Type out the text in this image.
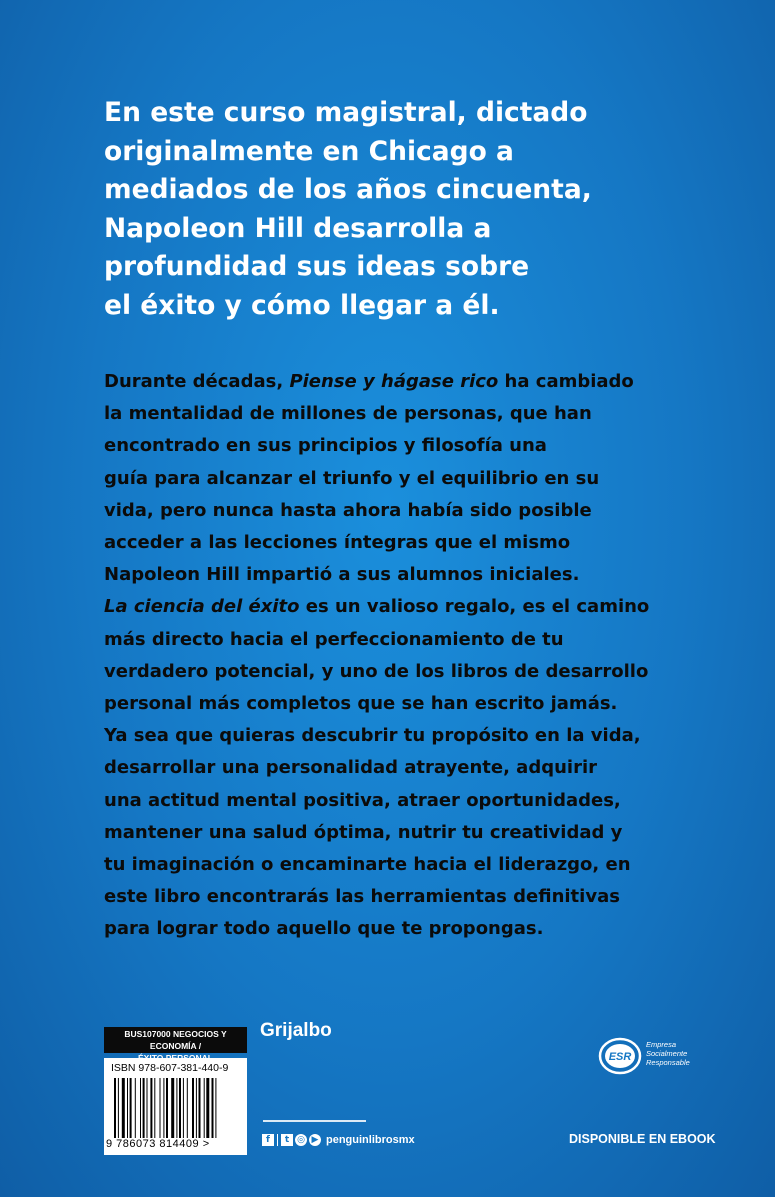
En este curso magistral, dictado
originalmente en Chicago a
mediados de los años cincuenta,
Napoleon Hill desarrolla a
profundidad sus ideas sobre
el éxito y cómo llegar a él.
Durante décadas, Piense y hágase rico ha cambiado
la mentalidad de millones de personas, que han
encontrado en sus principios y filosofía una
guía para alcanzar el triunfo y el equilibrio en su
vida, pero nunca hasta ahora había sido posible
acceder a las lecciones íntegras que el mismo
Napoleon Hill impartió a sus alumnos iniciales.
La ciencia del éxito es un valioso regalo, es el camino
más directo hacia el perfeccionamiento de tu
verdadero potencial, y uno de los libros de desarrollo
personal más completos que se han escrito jamás.
Ya sea que quieras descubrir tu propósito en la vida,
desarrollar una personalidad atrayente, adquirir
una actitud mental positiva, atraer oportunidades,
mantener una salud óptima, nutrir tu creatividad y
tu imaginación o encaminarte hacia el liderazgo, en
este libro encontrarás las herramientas definitivas
para lograr todo aquello que te propongas.
BUS107000 NEGOCIOS Y ECONOMÍA /
ISBN 978-607-381-440-9
9 786073 814409 >
Grijalbo
f	t ◎ ▶ penguinlibrosmx
ESR
Empresa
Socialmente
Responsable
DISPONIBLE EN EBOOK
